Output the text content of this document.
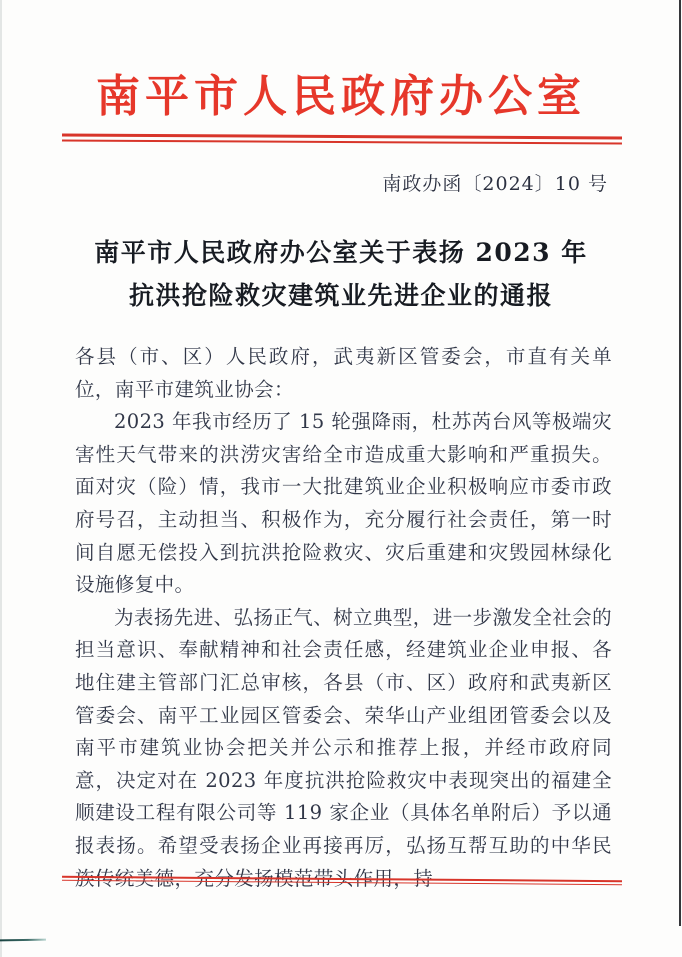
南平市人民政府办公室
南政办函〔2024〕10 号
南平市人民政府办公室关于表扬 2023 年
抗洪抢险救灾建筑业先进企业的通报

各县（市、区）人民政府，武夷新区管委会，市直有关单位，南平市建筑业协会：

2023 年我市经历了 15 轮强降雨，杜苏芮台风等极端灾害性天气带来的洪涝灾害给全市造成重大影响和严重损失。面对灾（险）情，我市一大批建筑业企业积极响应市委市政府号召，主动担当、积极作为，充分履行社会责任，第一时间自愿无偿投入到抗洪抢险救灾、灾后重建和灾毁园林绿化设施修复中。

为表扬先进、弘扬正气、树立典型，进一步激发全社会的担当意识、奉献精神和社会责任感，经建筑业企业申报、各地住建主管部门汇总审核，各县（市、区）政府和武夷新区管委会、南平工业园区管委会、荣华山产业组团管委会以及南平市建筑业协会把关并公示和推荐上报，并经市政府同意，决定对在 2023 年度抗洪抢险救灾中表现突出的福建全顺建设工程有限公司等 119 家企业（具体名单附后）予以通报表扬。希望受表扬企业再接再厉，弘扬互帮互助的中华民族传统美德，充分发扬模范带头作用，持
